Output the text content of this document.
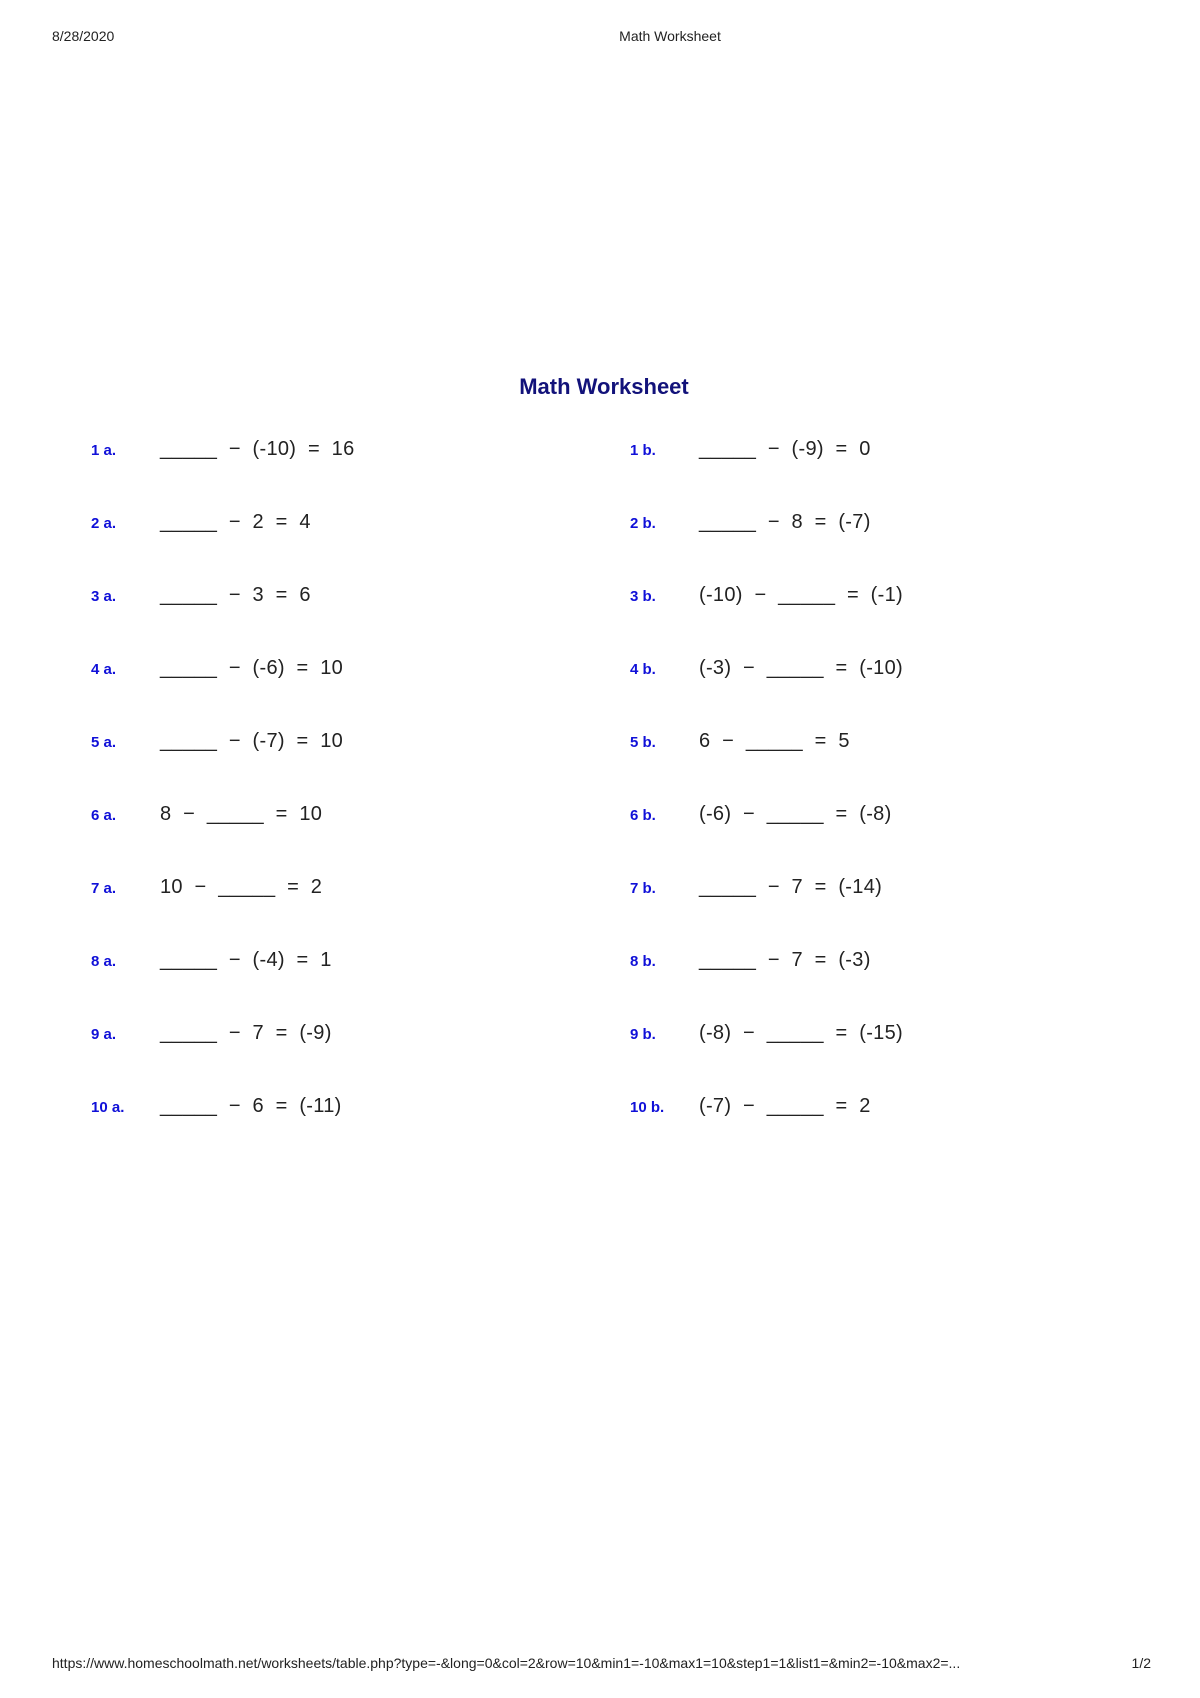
8/28/2020	Math Worksheet
Math Worksheet
1 a. _____  −  (-10)  =  16	1 b. _____  −  (-9)  =  0
2 a. _____  −  2  =  4	2 b. _____  −  8  =  (-7)
3 a. _____  −  3  =  6	3 b. (-10)  −  _____  =  (-1)
4 a. _____  −  (-6)  =  10	4 b. (-3)  −  _____  =  (-10)
5 a. _____  −  (-7)  =  10	5 b. 6  −  _____  =  5
6 a. 8  −  _____  =  10	6 b. (-6)  −  _____  =  (-8)
7 a. 10  −  _____  =  2	7 b. _____  −  7  =  (-14)
8 a. _____  −  (-4)  =  1	8 b. _____  −  7  =  (-3)
9 a. _____  −  7  =  (-9)	9 b. (-8)  −  _____  =  (-15)
10 a. _____  −  6  =  (-11)	10 b. (-7)  −  _____  =  2
https://www.homeschoolmath.net/worksheets/table.php?type=-&long=0&col=2&row=10&min1=-10&max1=10&step1=1&list1=&min2=-10&max2=...	1/2
